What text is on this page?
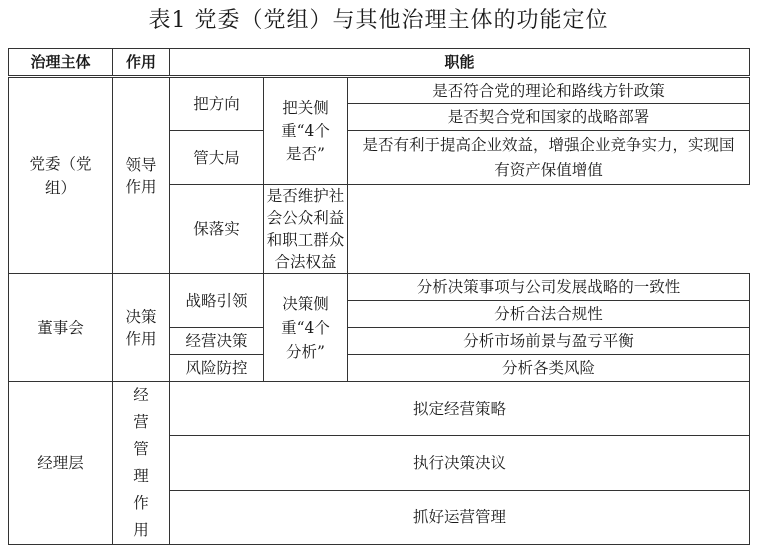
表1 党委（党组）与其他治理主体的功能定位
治理主体	作用	职能		
党委（党组）	领导作用	把方向	把关侧重“4个是否”	是否符合党的理论和路线方针政策
				是否契合党和国家的战略部署
		管大局		是否有利于提高企业效益，增强企业竞争实力，实现国有资产保值增值

		保落实	是否维护社会公众利益和职工群众合法权益	
董事会	决策作用	战略引领	决策侧重“4个分析”	分析决策事项与公司发展战略的一致性
				分析合法合规性
		经营决策		分析市场前景与盈亏平衡
		风险防控		分析各类风险
经理层	经营管理作用	拟定经营策略		
		执行决策决议		
		抓好运营管理		
